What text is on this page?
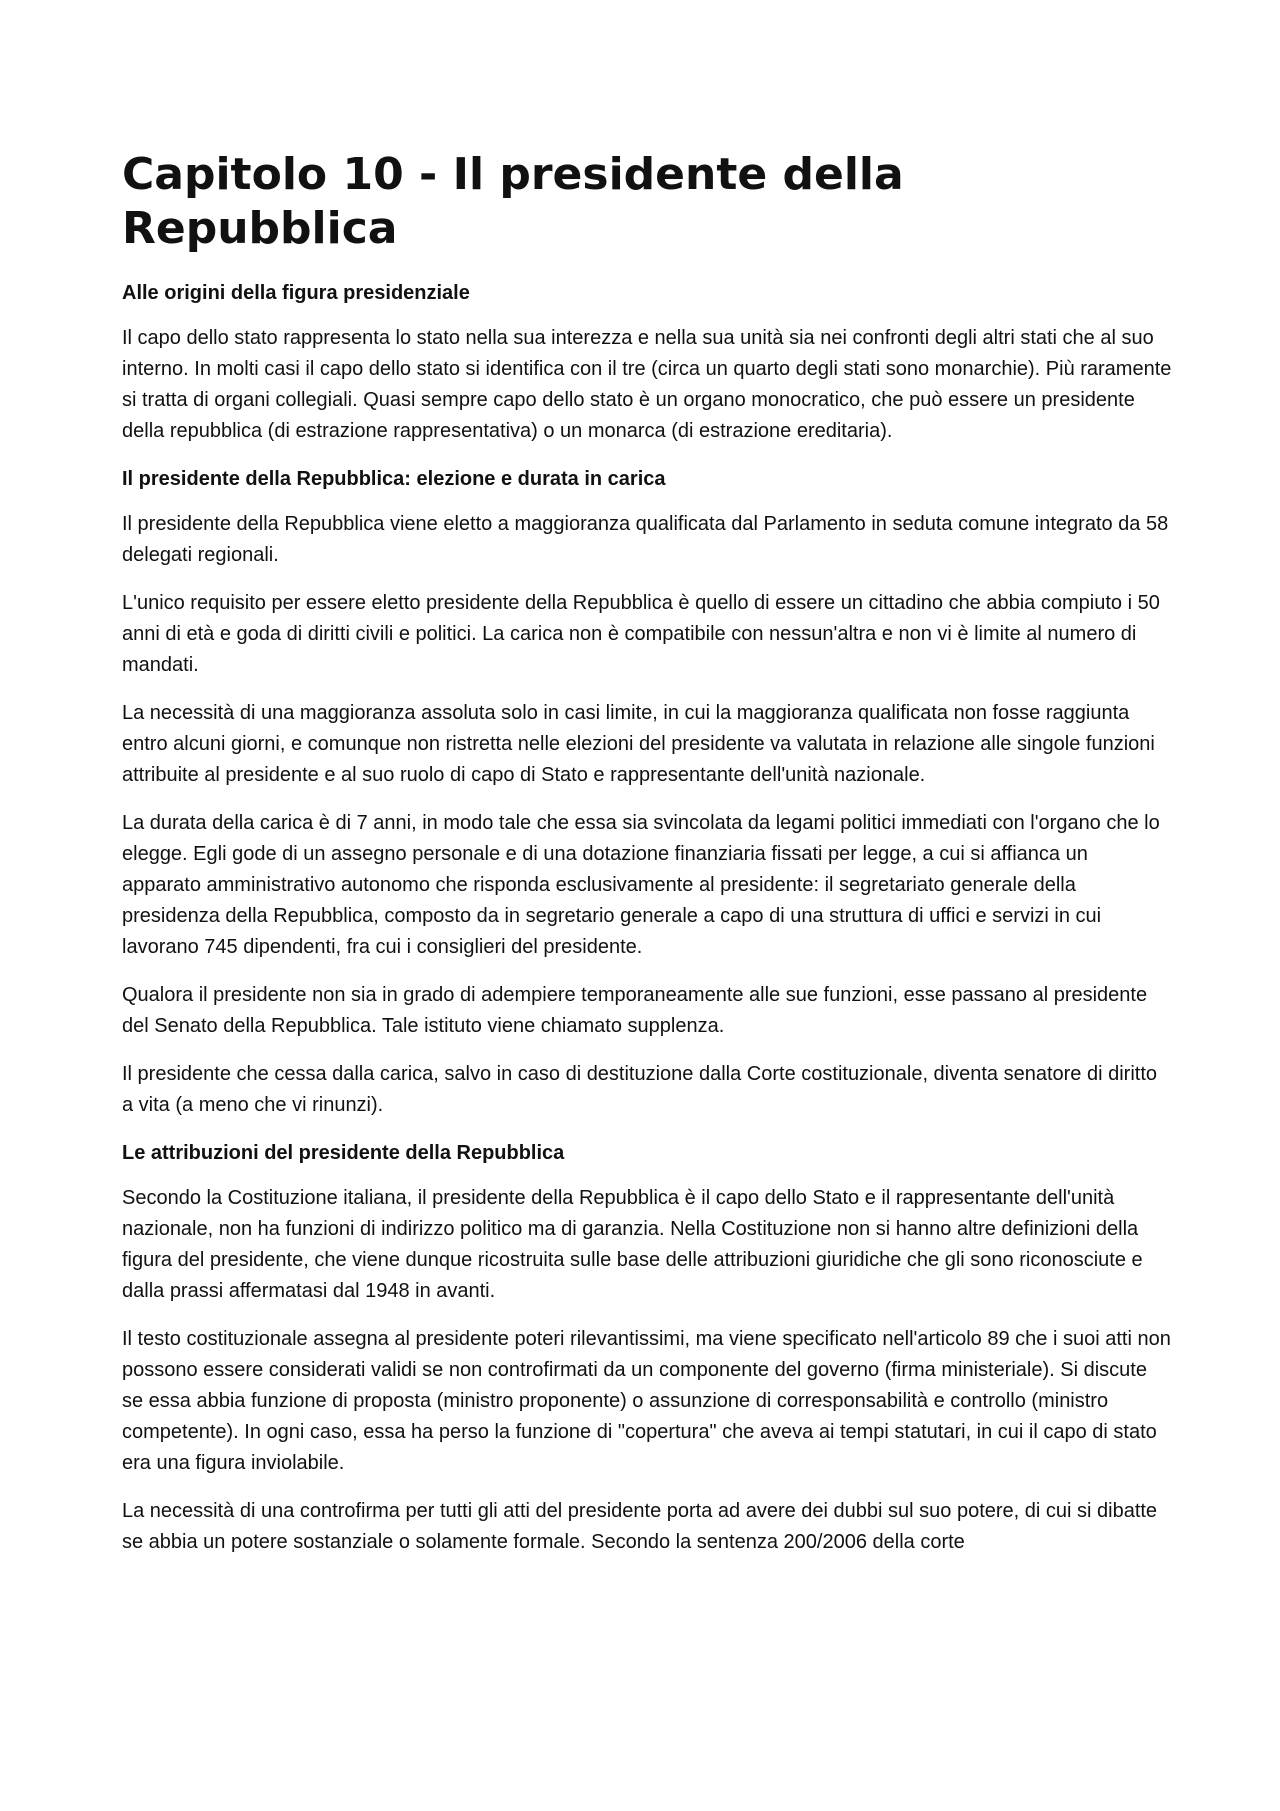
Capitolo 10 - Il presidente della Repubblica
Alle origini della figura presidenziale

Il capo dello stato rappresenta lo stato nella sua interezza e nella sua unità sia nei confronti degli altri stati che al suo interno. In molti casi il capo dello stato si identifica con il tre (circa un quarto degli stati sono monarchie). Più raramente si tratta di organi collegiali. Quasi sempre capo dello stato è un organo monocratico, che può essere un presidente della repubblica (di estrazione rappresentativa) o un monarca (di estrazione ereditaria).

Il presidente della Repubblica: elezione e durata in carica

Il presidente della Repubblica viene eletto a maggioranza qualificata dal Parlamento in seduta comune integrato da 58 delegati regionali.

L'unico requisito per essere eletto presidente della Repubblica è quello di essere un cittadino che abbia compiuto i 50 anni di età e goda di diritti civili e politici. La carica non è compatibile con nessun'altra e non vi è limite al numero di mandati.

La necessità di una maggioranza assoluta solo in casi limite, in cui la maggioranza qualificata non fosse raggiunta entro alcuni giorni, e comunque non ristretta nelle elezioni del presidente va valutata in relazione alle singole funzioni attribuite al presidente e al suo ruolo di capo di Stato e rappresentante dell'unità nazionale.

La durata della carica è di 7 anni, in modo tale che essa sia svincolata da legami politici immediati con l'organo che lo elegge. Egli gode di un assegno personale e di una dotazione finanziaria fissati per legge, a cui si affianca un apparato amministrativo autonomo che risponda esclusivamente al presidente: il segretariato generale della presidenza della Repubblica, composto da in segretario generale a capo di una struttura di uffici e servizi in cui lavorano 745 dipendenti, fra cui i consiglieri del presidente.

Qualora il presidente non sia in grado di adempiere temporaneamente alle sue funzioni, esse passano al presidente del Senato della Repubblica. Tale istituto viene chiamato supplenza.

Il presidente che cessa dalla carica, salvo in caso di destituzione dalla Corte costituzionale, diventa senatore di diritto a vita (a meno che vi rinunzi).

Le attribuzioni del presidente della Repubblica

Secondo la Costituzione italiana, il presidente della Repubblica è il capo dello Stato e il rappresentante dell'unità nazionale, non ha funzioni di indirizzo politico ma di garanzia. Nella Costituzione non si hanno altre definizioni della figura del presidente, che viene dunque ricostruita sulle base delle attribuzioni giuridiche che gli sono riconosciute e dalla prassi affermatasi dal 1948 in avanti.

Il testo costituzionale assegna al presidente poteri rilevantissimi, ma viene specificato nell'articolo 89 che i suoi atti non possono essere considerati validi se non controfirmati da un componente del governo (firma ministeriale). Si discute se essa abbia funzione di proposta (ministro proponente) o assunzione di corresponsabilità e controllo (ministro competente). In ogni caso, essa ha perso la funzione di "copertura" che aveva ai tempi statutari, in cui il capo di stato era una figura inviolabile.

La necessità di una controfirma per tutti gli atti del presidente porta ad avere dei dubbi sul suo potere, di cui si dibatte se abbia un potere sostanziale o solamente formale. Secondo la sentenza 200/2006 della corte
